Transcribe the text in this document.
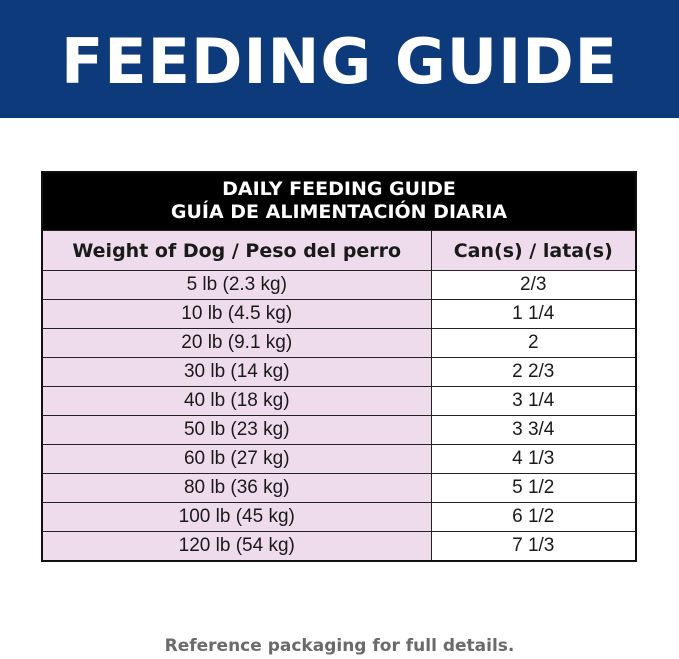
FEEDING GUIDE
DAILY FEEDING GUIDE
GUÍA DE ALIMENTACIÓN DIARIA
Weight of Dog / Peso del perro	Can(s) / lata(s)
5 lb (2.3 kg)	2/3
10 lb (4.5 kg)	1 1/4
20 lb (9.1 kg)	2
30 lb (14 kg)	2 2/3
40 lb (18 kg)	3 1/4
50 lb (23 kg)	3 3/4
60 lb (27 kg)	4 1/3
80 lb (36 kg)	5 1/2
100 lb (45 kg)	6 1/2
120 lb (54 kg)	7 1/3
Reference packaging for full details.
